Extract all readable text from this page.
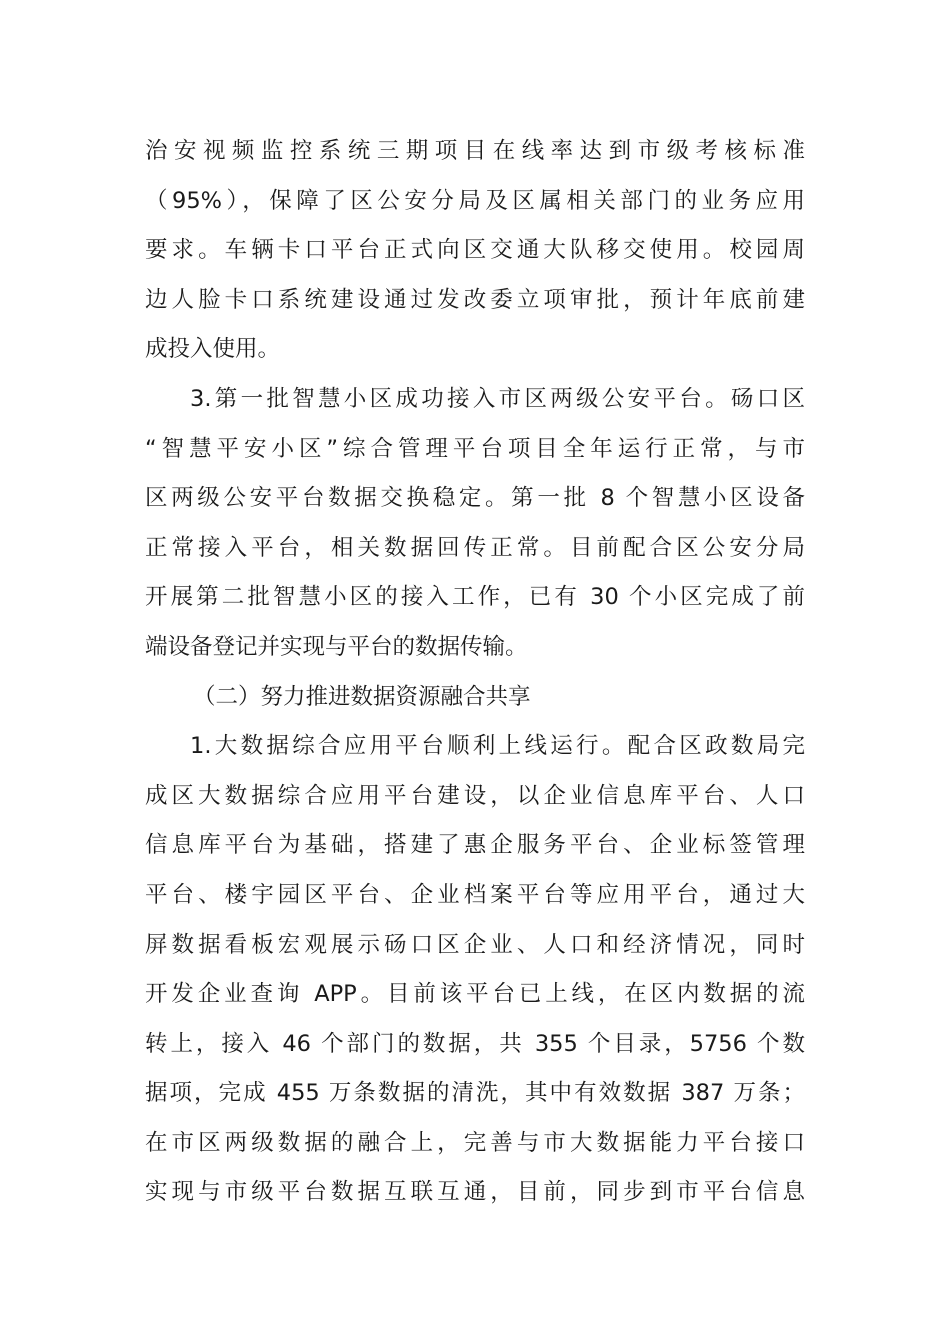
治安视频监控系统三期项目在线率达到市级考核标准
（95%），保障了区公安分局及区属相关部门的业务应用
要求。车辆卡口平台正式向区交通大队移交使用。校园周
边人脸卡口系统建设通过发改委立项审批，预计年底前建
成投入使用。
3.第一批智慧小区成功接入市区两级公安平台。砀口区
“智慧平安小区”综合管理平台项目全年运行正常，与市
区两级公安平台数据交换稳定。第一批 8 个智慧小区设备
正常接入平台，相关数据回传正常。目前配合区公安分局
开展第二批智慧小区的接入工作，已有 30 个小区完成了前
端设备登记并实现与平台的数据传输。
（二）努力推进数据资源融合共享
1.大数据综合应用平台顺利上线运行。配合区政数局完
成区大数据综合应用平台建设，以企业信息库平台、人口
信息库平台为基础，搭建了惠企服务平台、企业标签管理
平台、楼宇园区平台、企业档案平台等应用平台，通过大
屏数据看板宏观展示砀口区企业、人口和经济情况，同时
开发企业查询 APP。目前该平台已上线，在区内数据的流
转上，接入 46 个部门的数据，共 355 个目录，5756 个数
据项，完成 455 万条数据的清洗，其中有效数据 387 万条；
在市区两级数据的融合上，完善与市大数据能力平台接口
实现与市级平台数据互联互通，目前，同步到市平台信息
